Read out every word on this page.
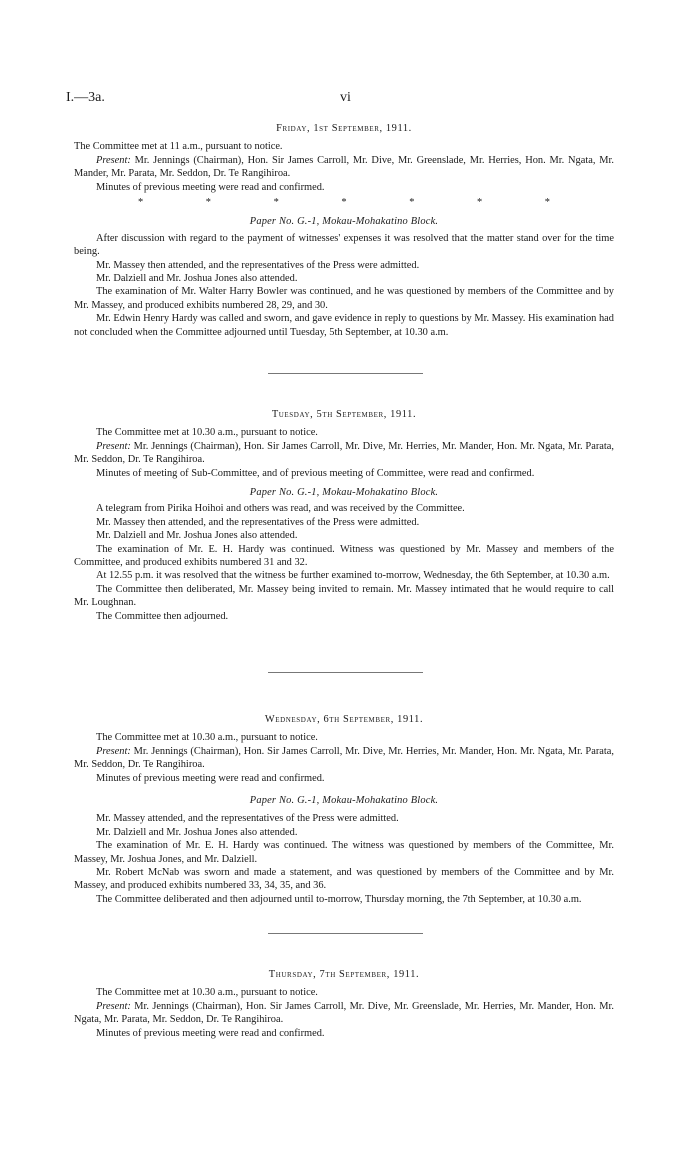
I.—3a.	vi
Friday, 1st September, 1911.

The Committee met at 11 a.m., pursuant to notice.

Present: Mr. Jennings (Chairman), Hon. Sir James Carroll, Mr. Dive, Mr. Greenslade, Mr. Herries, Hon. Mr. Ngata, Mr. Mander, Mr. Parata, Mr. Seddon, Dr. Te Rangihiroa.

Minutes of previous meeting were read and confirmed.

*	*	*	*	*	*	*
Paper No. G.-1, Mokau-Mohakatino Block.

After discussion with regard to the payment of witnesses' expenses it was resolved that the matter stand over for the time being.

Mr. Massey then attended, and the representatives of the Press were admitted.

Mr. Dalziell and Mr. Joshua Jones also attended.

The examination of Mr. Walter Harry Bowler was continued, and he was questioned by members of the Committee and by Mr. Massey, and produced exhibits numbered 28, 29, and 30.

Mr. Edwin Henry Hardy was called and sworn, and gave evidence in reply to questions by Mr. Massey. His examination had not concluded when the Committee adjourned until Tuesday, 5th September, at 10.30 a.m.

Tuesday, 5th September, 1911.

The Committee met at 10.30 a.m., pursuant to notice.

Present: Mr. Jennings (Chairman), Hon. Sir James Carroll, Mr. Dive, Mr. Herries, Mr. Mander, Hon. Mr. Ngata, Mr. Parata, Mr. Seddon, Dr. Te Rangihiroa.

Minutes of meeting of Sub-Committee, and of previous meeting of Committee, were read and confirmed.

Paper No. G.-1, Mokau-Mohakatino Block.

A telegram from Pirika Hoihoi and others was read, and was received by the Committee.

Mr. Massey then attended, and the representatives of the Press were admitted.

Mr. Dalziell and Mr. Joshua Jones also attended.

The examination of Mr. E. H. Hardy was continued. Witness was questioned by Mr. Massey and members of the Committee, and produced exhibits numbered 31 and 32.

At 12.55 p.m. it was resolved that the witness be further examined to-morrow, Wednesday, the 6th September, at 10.30 a.m.

The Committee then deliberated, Mr. Massey being invited to remain. Mr. Massey intimated that he would require to call Mr. Loughnan.

The Committee then adjourned.

Wednesday, 6th September, 1911.

The Committee met at 10.30 a.m., pursuant to notice.

Present: Mr. Jennings (Chairman), Hon. Sir James Carroll, Mr. Dive, Mr. Herries, Mr. Mander, Hon. Mr. Ngata, Mr. Parata, Mr. Seddon, Dr. Te Rangihiroa.

Minutes of previous meeting were read and confirmed.

Paper No. G.-1, Mokau-Mohakatino Block.

Mr. Massey attended, and the representatives of the Press were admitted.

Mr. Dalziell and Mr. Joshua Jones also attended.

The examination of Mr. E. H. Hardy was continued. The witness was questioned by members of the Committee, Mr. Massey, Mr. Joshua Jones, and Mr. Dalziell.

Mr. Robert McNab was sworn and made a statement, and was questioned by members of the Committee and by Mr. Massey, and produced exhibits numbered 33, 34, 35, and 36.

The Committee deliberated and then adjourned until to-morrow, Thursday morning, the 7th September, at 10.30 a.m.

Thursday, 7th September, 1911.

The Committee met at 10.30 a.m., pursuant to notice.

Present: Mr. Jennings (Chairman), Hon. Sir James Carroll, Mr. Dive, Mr. Greenslade, Mr. Herries, Mr. Mander, Hon. Mr. Ngata, Mr. Parata, Mr. Seddon, Dr. Te Rangihiroa.

Minutes of previous meeting were read and confirmed.
